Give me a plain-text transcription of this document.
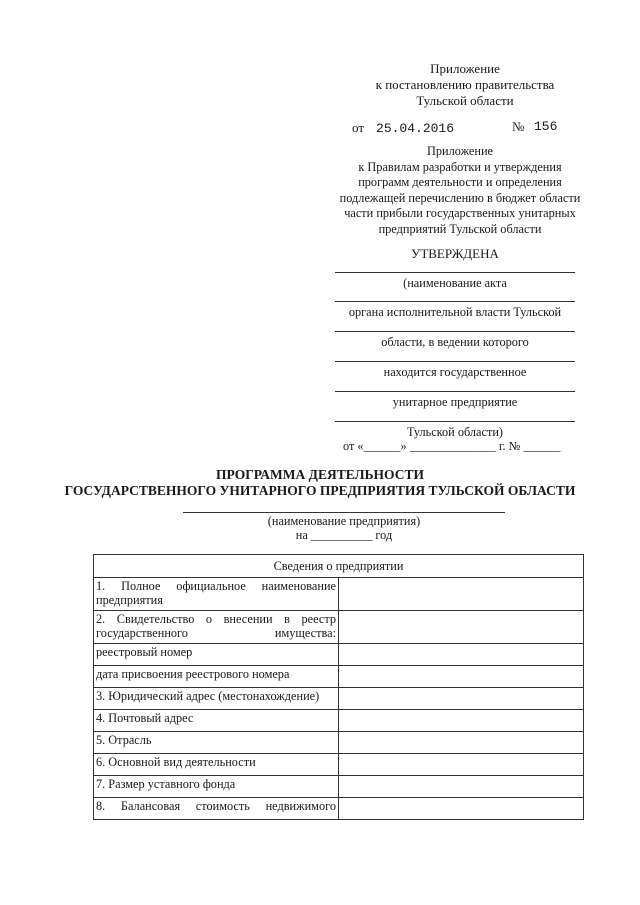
Приложение
к постановлению правительства
Тульской области
от 25.04.2016	№ 156
Приложение
к Правилам разработки и утверждения
программ деятельности и определения
подлежащей перечислению в бюджет области
части прибыли государственных унитарных
предприятий Тульской области
УТВЕРЖДЕНА
(наименование акта
органа исполнительной власти Тульской
области, в ведении которого
находится государственное
унитарное предприятие
Тульской области)
от «______» ______________ г. № ______
ПРОГРАММА ДЕЯТЕЛЬНОСТИ
ГОСУДАРСТВЕННОГО УНИТАРНОГО ПРЕДПРИЯТИЯ ТУЛЬСКОЙ ОБЛАСТИ
(наименование предприятия)
на __________ год
Сведения о предприятии	

1. Полное официальное наименование предприятия	

2. Свидетельство о внесении в реестр государственного имущества:	

реестровый номер	
дата присвоения реестрового номера	
3. Юридический адрес (местонахождение)	
4. Почтовый адрес	
5. Отрасль	
6. Основной вид деятельности	
7. Размер уставного фонда	

8. Балансовая стоимость недвижимого	
